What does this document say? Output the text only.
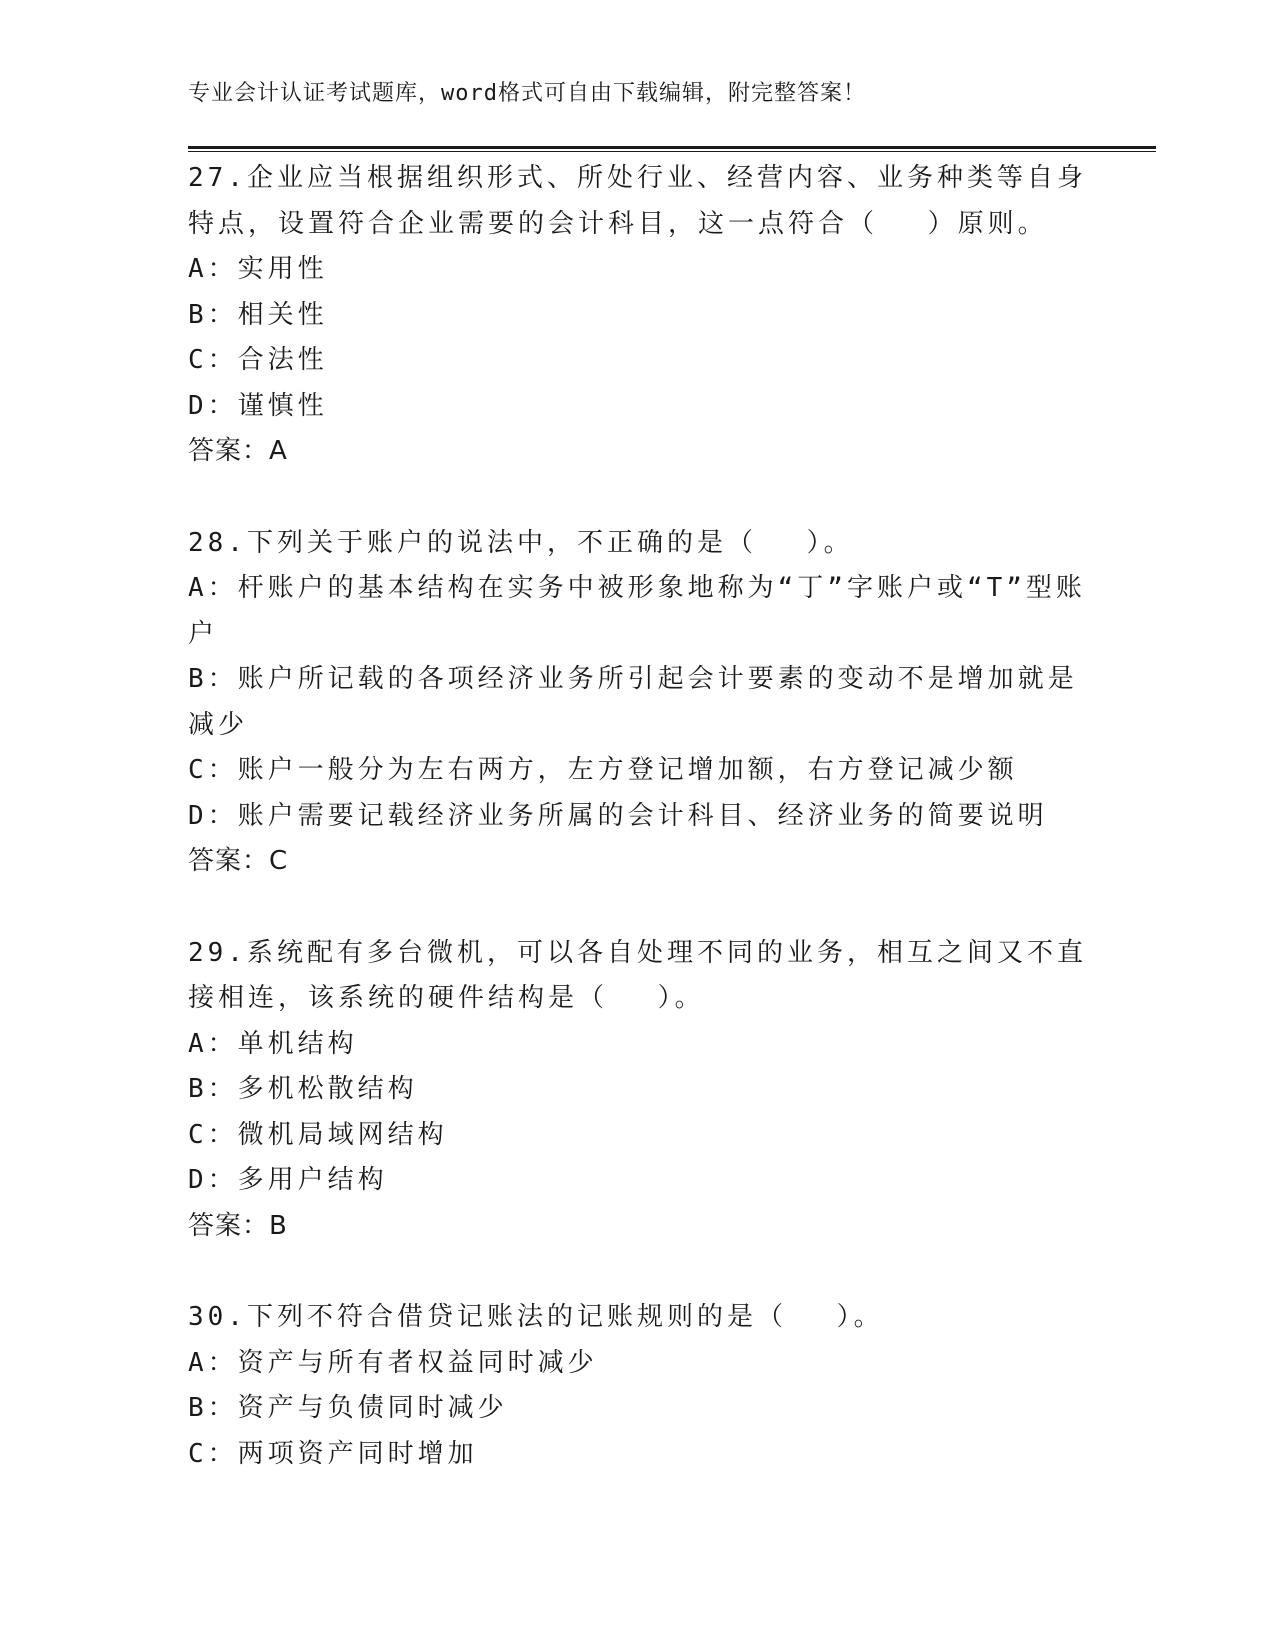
专业会计认证考试题库，word格式可自由下载编辑，附完整答案！
27.企业应当根据组织形式、所处行业、经营内容、业务种类等自身特点，设置符合企业需要的会计科目，这一点符合（　 ）原则。
A：实用性
B：相关性
C：合法性
D：谨慎性
答案：A
28.下列关于账户的说法中，不正确的是（　 ）。
A：杆账户的基本结构在实务中被形象地称为“丁”字账户或“T”型账户
B：账户所记载的各项经济业务所引起会计要素的变动不是增加就是减少
C：账户一般分为左右两方，左方登记增加额，右方登记减少额
D：账户需要记载经济业务所属的会计科目、经济业务的简要说明
答案：C
29.系统配有多台微机，可以各自处理不同的业务，相互之间又不直接相连，该系统的硬件结构是（　 ）。
A：单机结构
B：多机松散结构
C：微机局域网结构
D：多用户结构
答案：B
30.下列不符合借贷记账法的记账规则的是（　 ）。
A：资产与所有者权益同时减少
B：资产与负债同时减少
C：两项资产同时增加
